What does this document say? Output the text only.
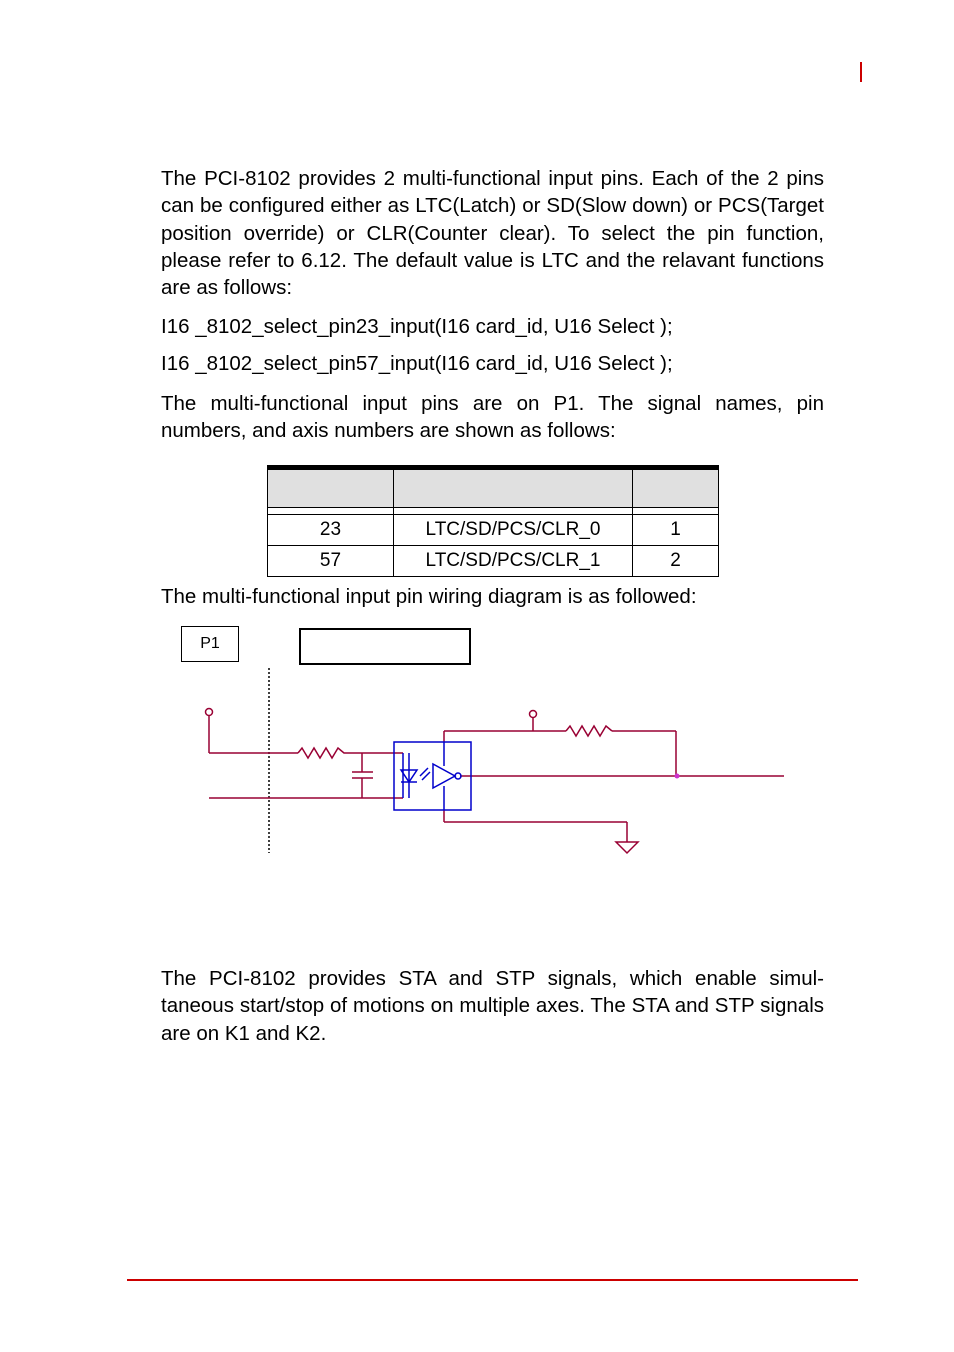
The PCI-8102 provides 2 multi-functional input pins. Each of the 2 pins can be configured either as LTC(Latch) or SD(Slow down) or PCS(Target position override) or CLR(Counter clear). To select the pin function, please refer to 6.12. The default value is LTC and the relavant functions are as follows:

I16 _8102_select_pin23_input(I16 card_id, U16 Select );

I16 _8102_select_pin57_input(I16 card_id, U16 Select );

The multi-functional input pins are on P1. The signal names, pin numbers, and axis numbers are shown as follows:

23	LTC/SD/PCS/CLR_0	1
57	LTC/SD/PCS/CLR_1	2

The multi-functional input pin wiring diagram is as followed:

P1

The PCI-8102 provides STA and STP signals, which enable simul-taneous start/stop of motions on multiple axes. The STA and STP signals are on K1 and K2.
